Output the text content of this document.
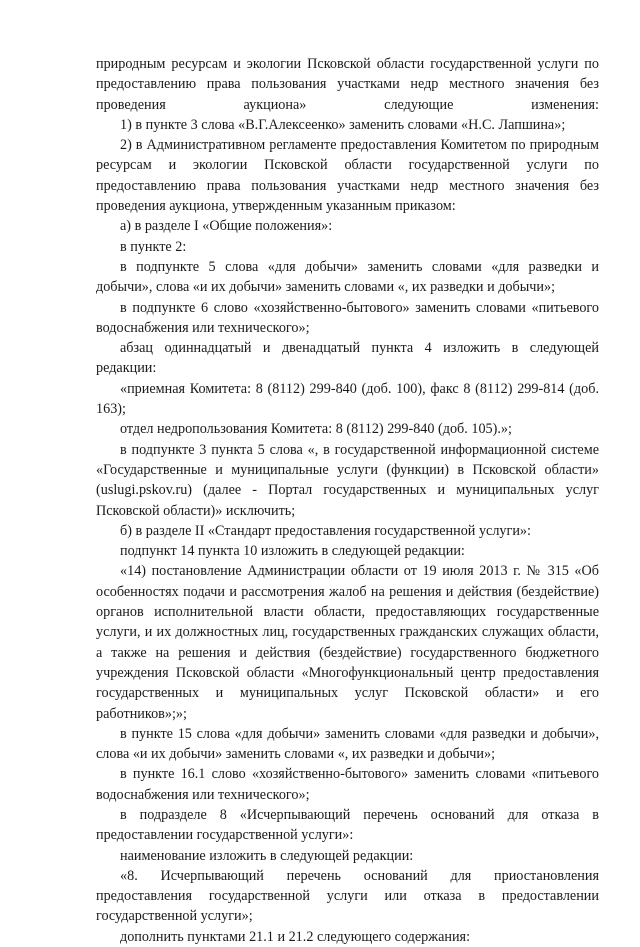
природным ресурсам и экологии Псковской области государственной услуги по предоставлению права пользования участками недр местного значения без проведения аукциона» следующие изменения:

1) в пункте 3 слова «В.Г.Алексеенко» заменить словами «Н.С. Лапшина»;

2) в Административном регламенте предоставления Комитетом по природным ресурсам и экологии Псковской области государственной услуги по предоставлению права пользования участками недр местного значения без проведения аукциона, утвержденным указанным приказом:

а) в разделе I «Общие положения»:

в пункте 2:

в подпункте 5 слова «для добычи» заменить словами «для разведки и добычи», слова «и их добычи» заменить словами «, их разведки и добычи»;

в подпункте 6 слово «хозяйственно-бытового» заменить словами «питьевого водоснабжения или технического»;

абзац одиннадцатый и двенадцатый пункта 4 изложить в следующей редакции:

«приемная Комитета: 8 (8112) 299-840 (доб. 100), факс 8 (8112) 299-814 (доб. 163);

отдел недропользования Комитета: 8 (8112) 299-840 (доб. 105).»;

в подпункте 3 пункта 5 слова «, в государственной информационной системе «Государственные и муниципальные услуги (функции) в Псковской области» (uslugi.pskov.ru) (далее - Портал государственных и муниципальных услуг Псковской области)» исключить;

б) в разделе II «Стандарт предоставления государственной услуги»:

подпункт 14 пункта 10 изложить в следующей редакции:

«14) постановление Администрации области от 19 июля 2013 г. № 315 «Об особенностях подачи и рассмотрения жалоб на решения и действия (бездействие) органов исполнительной власти области, предоставляющих государственные услуги, и их должностных лиц, государственных гражданских служащих области, а также на решения и действия (бездействие) государственного бюджетного учреждения Псковской области «Многофункциональный центр предоставления государственных и муниципальных услуг Псковской области» и его работников»;»;

в пункте 15 слова «для добычи» заменить словами «для разведки и добычи», слова «и их добычи» заменить словами «, их разведки и добычи»;

в пункте 16.1 слово «хозяйственно-бытового» заменить словами «питьевого водоснабжения или технического»;

в подразделе 8 «Исчерпывающий перечень оснований для отказа в предоставлении государственной услуги»:

наименование изложить в следующей редакции:

«8. Исчерпывающий перечень оснований для приостановления предоставления государственной услуги или отказа в предоставлении государственной услуги»;

дополнить пунктами 21.1 и 21.2 следующего содержания:
